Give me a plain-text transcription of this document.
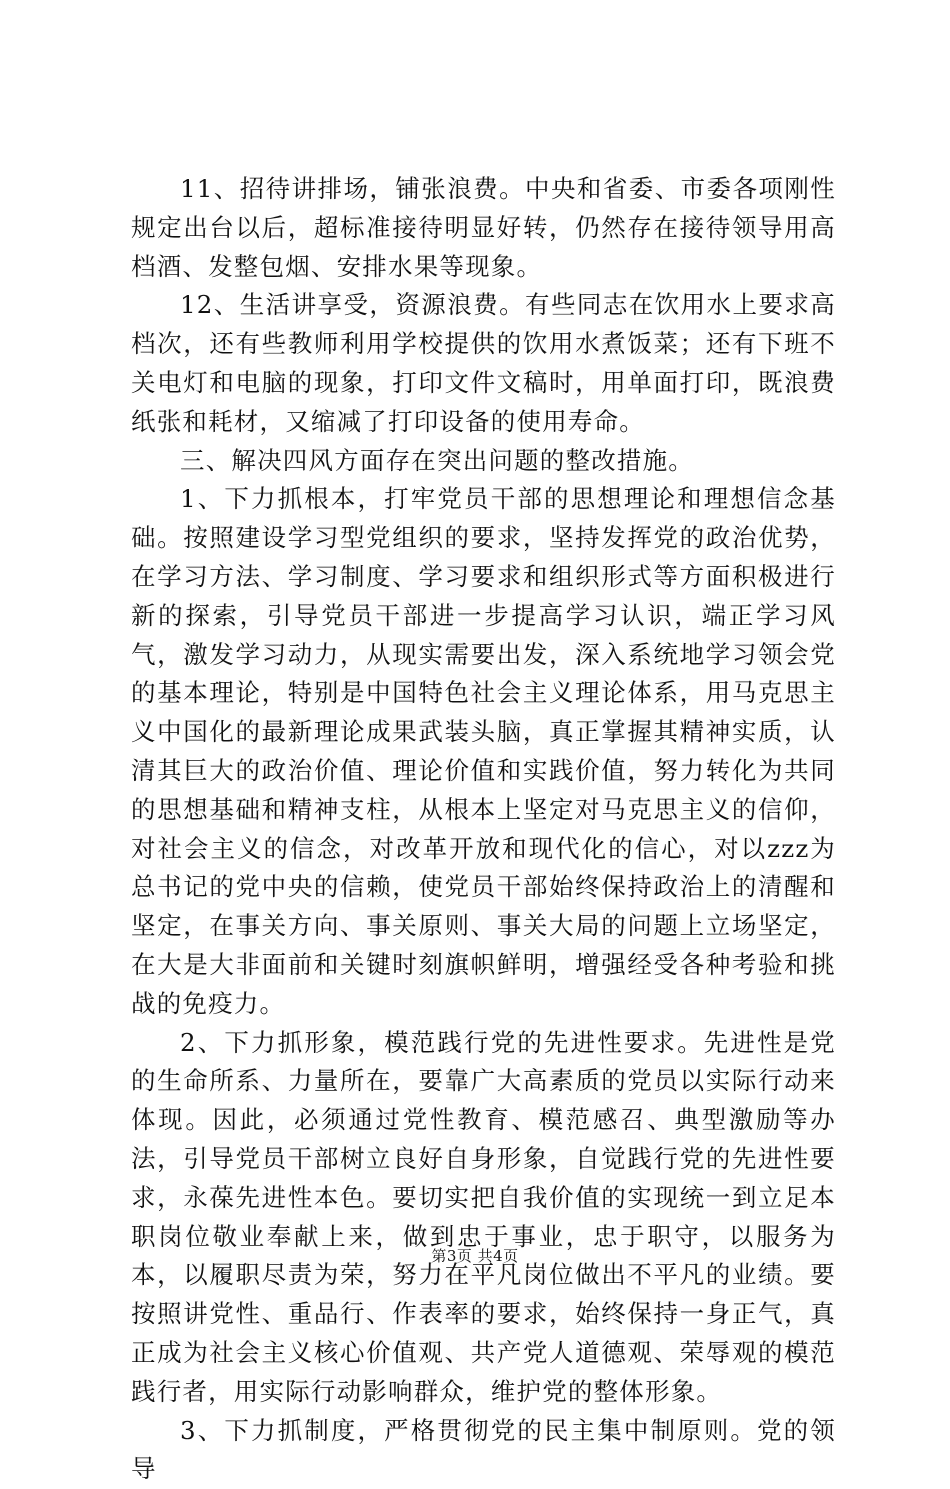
11、招待讲排场，铺张浪费。中央和省委、市委各项刚性规定出台以后，超标准接待明显好转，仍然存在接待领导用高档酒、发整包烟、安排水果等现象。

12、生活讲享受，资源浪费。有些同志在饮用水上要求高档次，还有些教师利用学校提供的饮用水煮饭菜；还有下班不关电灯和电脑的现象，打印文件文稿时，用单面打印，既浪费纸张和耗材，又缩减了打印设备的使用寿命。

三、解决四风方面存在突出问题的整改措施。

1、下力抓根本，打牢党员干部的思想理论和理想信念基础。按照建设学习型党组织的要求，坚持发挥党的政治优势，在学习方法、学习制度、学习要求和组织形式等方面积极进行新的探索，引导党员干部进一步提高学习认识，端正学习风气，激发学习动力，从现实需要出发，深入系统地学习领会党的基本理论，特别是中国特色社会主义理论体系，用马克思主义中国化的最新理论成果武装头脑，真正掌握其精神实质，认清其巨大的政治价值、理论价值和实践价值，努力转化为共同的思想基础和精神支柱，从根本上坚定对马克思主义的信仰，对社会主义的信念，对改革开放和现代化的信心，对以zzz为总书记的党中央的信赖，使党员干部始终保持政治上的清醒和坚定，在事关方向、事关原则、事关大局的问题上立场坚定，在大是大非面前和关键时刻旗帜鲜明，增强经受各种考验和挑战的免疫力。

2、下力抓形象，模范践行党的先进性要求。先进性是党的生命所系、力量所在，要靠广大高素质的党员以实际行动来体现。因此，必须通过党性教育、模范感召、典型激励等办法，引导党员干部树立良好自身形象，自觉践行党的先进性要求，永葆先进性本色。要切实把自我价值的实现统一到立足本职岗位敬业奉献上来，做到忠于事业，忠于职守，以服务为本，以履职尽责为荣，努力在平凡岗位做出不平凡的业绩。要按照讲党性、重品行、作表率的要求，始终保持一身正气，真正成为社会主义核心价值观、共产党人道德观、荣辱观的模范践行者，用实际行动影响群众，维护党的整体形象。

3、下力抓制度，严格贯彻党的民主集中制原则。党的领导

第3页 共4页
